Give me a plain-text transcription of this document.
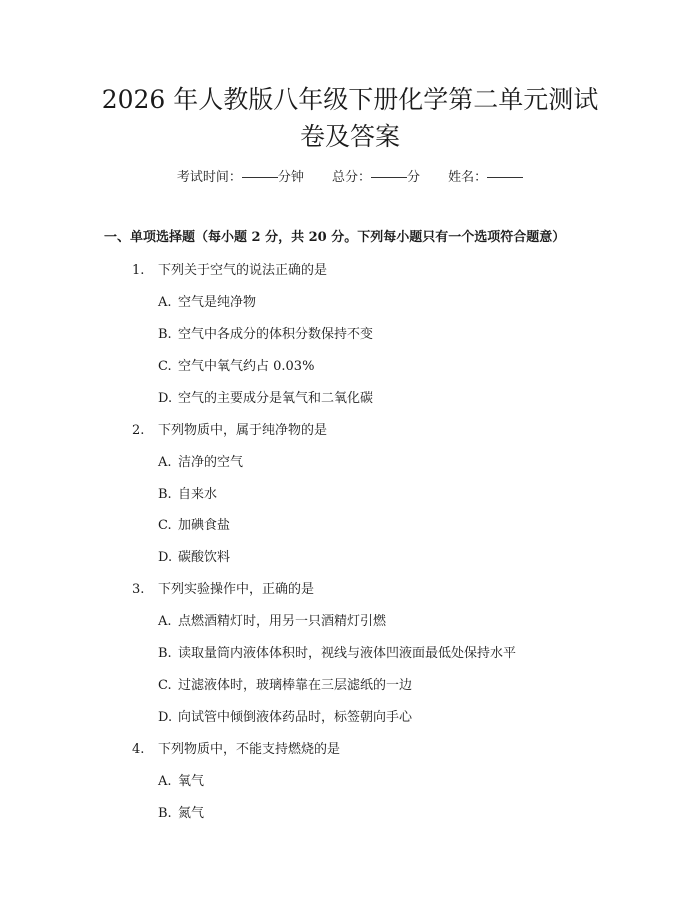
2026 年人教版八年级下册化学第二单元测试
卷及答案
考试时间：	分钟 总分：	分 姓名：
一、单项选择题（每小题 2 分，共 20 分。下列每小题只有一个选项符合题意）
1. 下列关于空气的说法正确的是
A. 空气是纯净物
B. 空气中各成分的体积分数保持不变
C. 空气中氧气约占 0.03%
D. 空气的主要成分是氧气和二氧化碳
2. 下列物质中，属于纯净物的是
A. 洁净的空气
B. 自来水
C. 加碘食盐
D. 碳酸饮料
3. 下列实验操作中，正确的是
A. 点燃酒精灯时，用另一只酒精灯引燃
B. 读取量筒内液体体积时，视线与液体凹液面最低处保持水平
C. 过滤液体时，玻璃棒靠在三层滤纸的一边
D. 向试管中倾倒液体药品时，标签朝向手心
4. 下列物质中，不能支持燃烧的是
A. 氧气
B. 氮气
